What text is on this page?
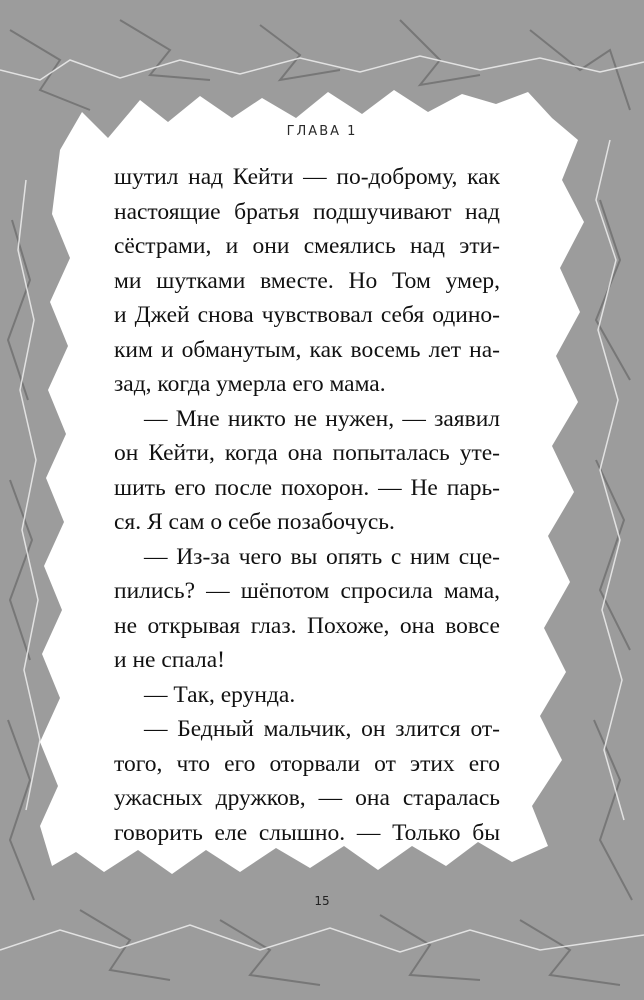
ГЛАВА 1
шутил над Кейти — по-доброму, как
настоящие братья подшучивают над
сёстрами, и они смеялись над эти-
ми шутками вместе. Но Том умер,
и Джей снова чувствовал себя одино-
ким и обманутым, как восемь лет на-
зад, когда умерла его мама.
— Мне никто не нужен, — заявил
он Кейти, когда она попыталась уте-
шить его после похорон. — Не парь-
ся. Я сам о себе позабочусь.
— Из-за чего вы опять с ним сце-
пились? — шёпотом спросила мама,
не открывая глаз. Похоже, она вовсе
и не спала!
— Так, ерунда.
— Бедный мальчик, он злится от-
того, что его оторвали от этих его
ужасных дружков, — она старалась
говорить еле слышно. — Только бы
15
